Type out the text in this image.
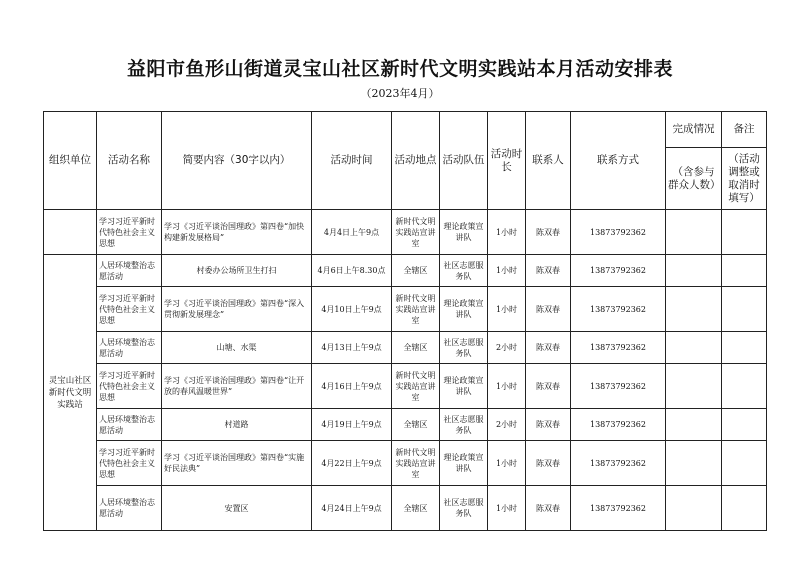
益阳市鱼形山街道灵宝山社区新时代文明实践站本月活动安排表
（2023年4月）
组织单位	活动名称	简要内容（30字以内）	活动时间	活动地点	活动队伍	活动时长	联系人	联系方式	完成情况	备注
									（含参与群众人数）	（活动调整或取消时填写）
	学习习近平新时代特色社会主义思想	学习《习近平谈治国理政》第四卷“加快构建新发展格局”	4月4日上午9点	新时代文明实践站宣讲室	理论政策宣讲队	1小时	陈双春	13873792362		
灵宝山社区新时代文明实践站	人居环境整治志愿活动	村委办公场所卫生打扫	4月6日上午8.30点	全辖区	社区志愿服务队	1小时	陈双春	13873792362		
	学习习近平新时代特色社会主义思想	学习《习近平谈治国理政》第四卷“深入贯彻新发展理念”	4月10日上午9点	新时代文明实践站宣讲室	理论政策宣讲队	1小时	陈双春	13873792362		
	人居环境整治志愿活动	山塘、水渠	4月13日上午9点	全辖区	社区志愿服务队	2小时	陈双春	13873792362		
	学习习近平新时代特色社会主义思想	学习《习近平谈治国理政》第四卷“让开放的春风温暖世界”	4月16日上午9点	新时代文明实践站宣讲室	理论政策宣讲队	1小时	陈双春	13873792362		
	人居环境整治志愿活动	村道路	4月19日上午9点	全辖区	社区志愿服务队	2小时	陈双春	13873792362		
	学习习近平新时代特色社会主义思想	学习《习近平谈治国理政》第四卷“实施好民法典”	4月22日上午9点	新时代文明实践站宣讲室	理论政策宣讲队	1小时	陈双春	13873792362		
	人居环境整治志愿活动	安置区	4月24日上午9点	全辖区	社区志愿服务队	1小时	陈双春	13873792362		
